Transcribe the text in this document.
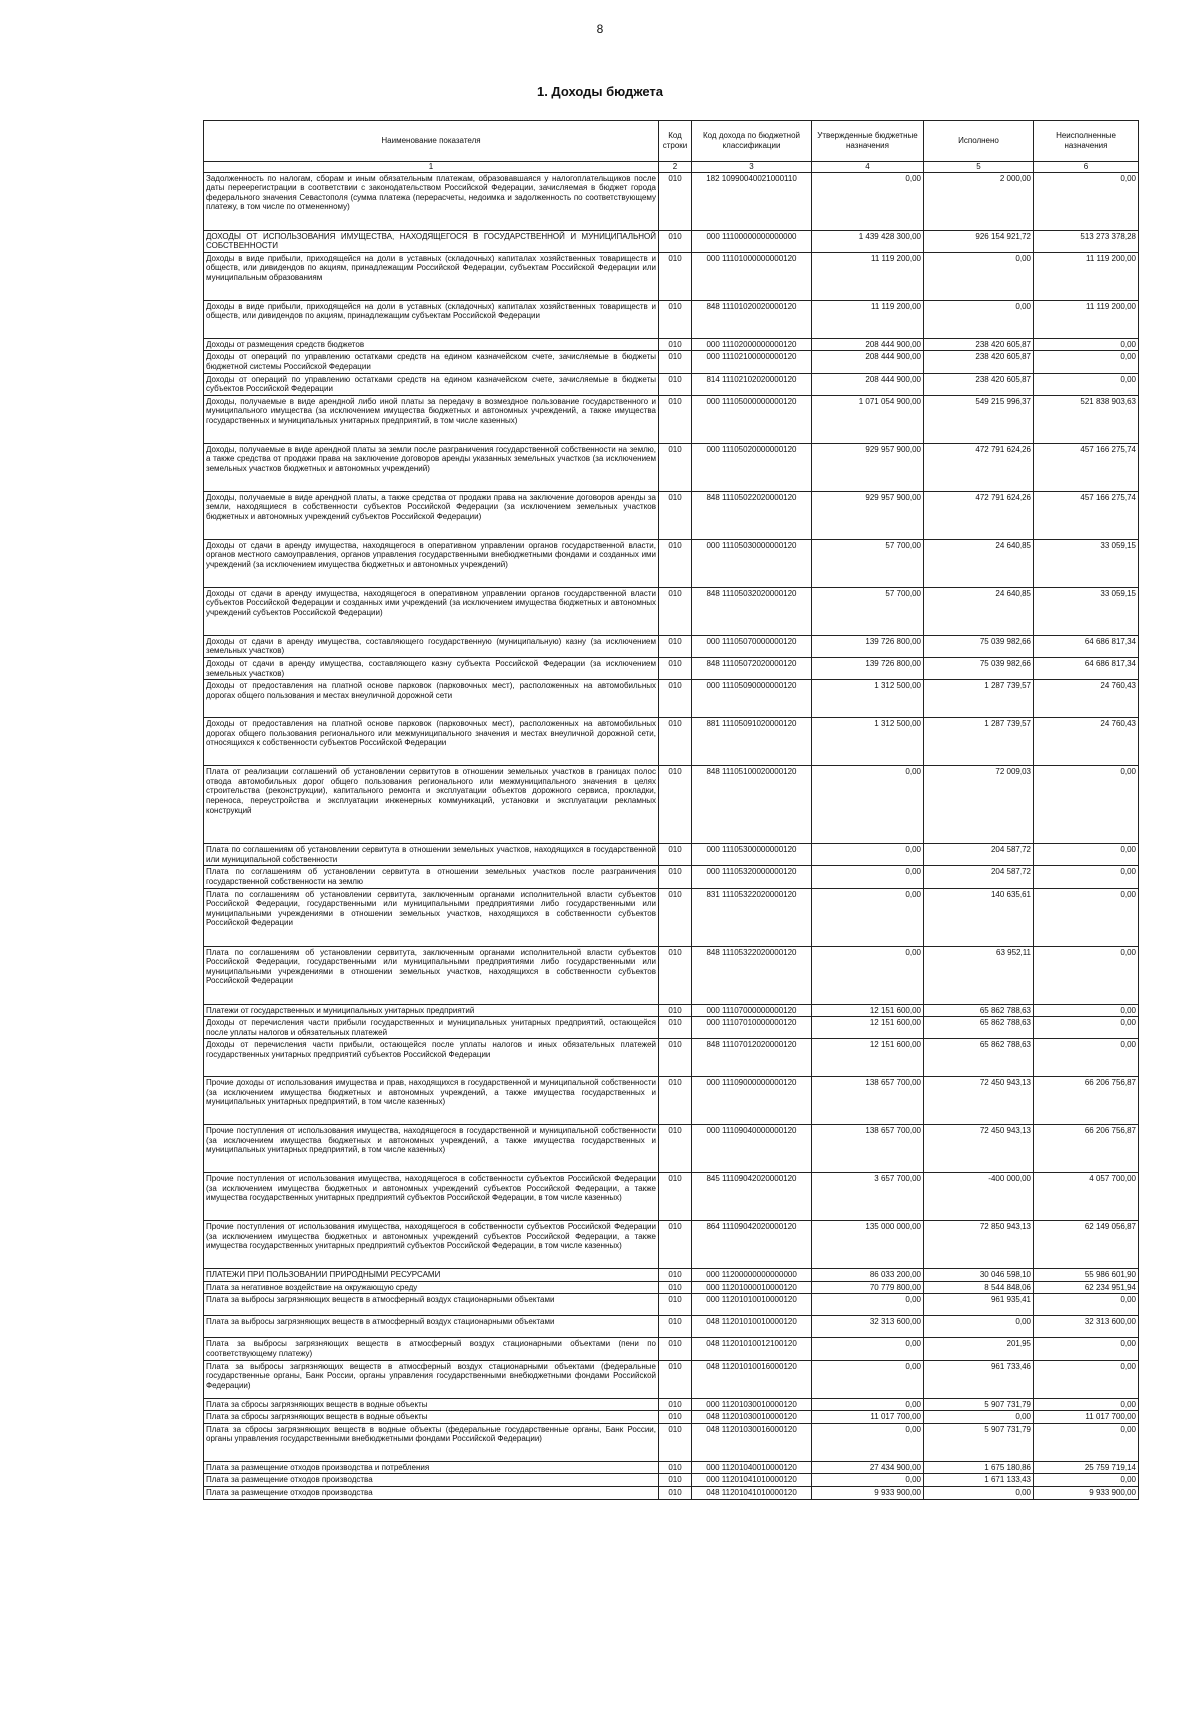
8
1. Доходы бюджета
Наименование показателя	Код строки	Код дохода по бюджетной классификации	Утвержденные бюджетные назначения	Исполнено	Неисполненные назначения
1	2	3	4	5	6
Задолженность по налогам, сборам и иным обязательным платежам, образовавшаяся у налогоплательщиков после даты переерегистрации в соответствии с законодательством Российской Федерации, зачисляемая в бюджет города федерального значения Севастополя (сумма платежа (перерасчеты, недоимка и задолженность по соответствующему платежу, в том числе по отмененному)	010	182 10990040021000110	0,00	2 000,00	0,00
ДОХОДЫ ОТ ИСПОЛЬЗОВАНИЯ ИМУЩЕСТВА, НАХОДЯЩЕГОСЯ В ГОСУДАРСТВЕННОЙ И МУНИЦИПАЛЬНОЙ СОБСТВЕННОСТИ	010	000 11100000000000000	1 439 428 300,00	926 154 921,72	513 273 378,28
Доходы в виде прибыли, приходящейся на доли в уставных (складочных) капиталах хозяйственных товариществ и обществ, или дивидендов по акциям, принадлежащим Российской Федерации, субъектам Российской Федерации или муниципальным образованиям	010	000 11101000000000120	11 119 200,00	0,00	11 119 200,00
Доходы в виде прибыли, приходящейся на доли в уставных (складочных) капиталах хозяйственных товариществ и обществ, или дивидендов по акциям, принадлежащим субъектам Российской Федерации	010	848 11101020020000120	11 119 200,00	0,00	11 119 200,00
Доходы от размещения средств бюджетов	010	000 11102000000000120	208 444 900,00	238 420 605,87	0,00
Доходы от операций по управлению остатками средств на едином казначейском счете, зачисляемые в бюджеты бюджетной системы Российской Федерации	010	000 11102100000000120	208 444 900,00	238 420 605,87	0,00
Доходы от операций по управлению остатками средств на едином казначейском счете, зачисляемые в бюджеты субъектов Российской Федерации	010	814 11102102020000120	208 444 900,00	238 420 605,87	0,00
Доходы, получаемые в виде арендной либо иной платы за передачу в возмездное пользование государственного и муниципального имущества (за исключением имущества бюджетных и автономных учреждений, а также имущества государственных и муниципальных унитарных предприятий, в том числе казенных)	010	000 11105000000000120	1 071 054 900,00	549 215 996,37	521 838 903,63
Доходы, получаемые в виде арендной платы за земли после разграничения государственной собственности на землю, а также средства от продажи права на заключение договоров аренды указанных земельных участков (за исключением земельных участков бюджетных и автономных учреждений)	010	000 11105020000000120	929 957 900,00	472 791 624,26	457 166 275,74
Доходы, получаемые в виде арендной платы, а также средства от продажи права на заключение договоров аренды за земли, находящиеся в собственности субъектов Российской Федерации (за исключением земельных участков бюджетных и автономных учреждений субъектов Российской Федерации)	010	848 11105022020000120	929 957 900,00	472 791 624,26	457 166 275,74
Доходы от сдачи в аренду имущества, находящегося в оперативном управлении органов государственной власти, органов местного самоуправления, органов управления государственными внебюджетными фондами и созданных ими учреждений (за исключением имущества бюджетных и автономных учреждений)	010	000 11105030000000120	57 700,00	24 640,85	33 059,15
Доходы от сдачи в аренду имущества, находящегося в оперативном управлении органов государственной власти субъектов Российской Федерации и созданных ими учреждений (за исключением имущества бюджетных и автономных учреждений субъектов Российской Федерации)	010	848 11105032020000120	57 700,00	24 640,85	33 059,15
Доходы от сдачи в аренду имущества, составляющего государственную (муниципальную) казну (за исключением земельных участков)	010	000 11105070000000120	139 726 800,00	75 039 982,66	64 686 817,34
Доходы от сдачи в аренду имущества, составляющего казну субъекта Российской Федерации (за исключением земельных участков)	010	848 11105072020000120	139 726 800,00	75 039 982,66	64 686 817,34
Доходы от предоставления на платной основе парковок (парковочных мест), расположенных на автомобильных дорогах общего пользования и местах внеуличной дорожной сети	010	000 11105090000000120	1 312 500,00	1 287 739,57	24 760,43
Доходы от предоставления на платной основе парковок (парковочных мест), расположенных на автомобильных дорогах общего пользования регионального или межмуниципального значения и местах внеуличной дорожной сети, относящихся к собственности субъектов Российской Федерации	010	881 11105091020000120	1 312 500,00	1 287 739,57	24 760,43
Плата от реализации соглашений об установлении сервитутов в отношении земельных участков в границах полос отвода автомобильных дорог общего пользования регионального или межмуниципального значения в целях строительства (реконструкции), капитального ремонта и эксплуатации объектов дорожного сервиса, прокладки, переноса, переустройства и эксплуатации инженерных коммуникаций, установки и эксплуатации рекламных конструкций	010	848 11105100020000120	0,00	72 009,03	0,00
Плата по соглашениям об установлении сервитута в отношении земельных участков, находящихся в государственной или муниципальной собственности	010	000 11105300000000120	0,00	204 587,72	0,00
Плата по соглашениям об установлении сервитута в отношении земельных участков после разграничения государственной собственности на землю	010	000 11105320000000120	0,00	204 587,72	0,00
Плата по соглашениям об установлении сервитута, заключенным органами исполнительной власти субъектов Российской Федерации, государственными или муниципальными предприятиями либо государственными или муниципальными учреждениями в отношении земельных участков, находящихся в собственности субъектов Российской Федерации	010	831 11105322020000120	0,00	140 635,61	0,00
Плата по соглашениям об установлении сервитута, заключенным органами исполнительной власти субъектов Российской Федерации, государственными или муниципальными предприятиями либо государственными или муниципальными учреждениями в отношении земельных участков, находящихся в собственности субъектов Российской Федерации	010	848 11105322020000120	0,00	63 952,11	0,00
Платежи от государственных и муниципальных унитарных предприятий	010	000 11107000000000120	12 151 600,00	65 862 788,63	0,00
Доходы от перечисления части прибыли государственных и муниципальных унитарных предприятий, остающейся после уплаты налогов и обязательных платежей	010	000 11107010000000120	12 151 600,00	65 862 788,63	0,00
Доходы от перечисления части прибыли, остающейся после уплаты налогов и иных обязательных платежей государственных унитарных предприятий субъектов Российской Федерации	010	848 11107012020000120	12 151 600,00	65 862 788,63	0,00
Прочие доходы от использования имущества и прав, находящихся в государственной и муниципальной собственности (за исключением имущества бюджетных и автономных учреждений, а также имущества государственных и муниципальных унитарных предприятий, в том числе казенных)	010	000 11109000000000120	138 657 700,00	72 450 943,13	66 206 756,87
Прочие поступления от использования имущества, находящегося в государственной и муниципальной собственности (за исключением имущества бюджетных и автономных учреждений, а также имущества государственных и муниципальных унитарных предприятий, в том числе казенных)	010	000 11109040000000120	138 657 700,00	72 450 943,13	66 206 756,87
Прочие поступления от использования имущества, находящегося в собственности субъектов Российской Федерации (за исключением имущества бюджетных и автономных учреждений субъектов Российской Федерации, а также имущества государственных унитарных предприятий субъектов Российской Федерации, в том числе казенных)	010	845 11109042020000120	3 657 700,00	-400 000,00	4 057 700,00
Прочие поступления от использования имущества, находящегося в собственности субъектов Российской Федерации (за исключением имущества бюджетных и автономных учреждений субъектов Российской Федерации, а также имущества государственных унитарных предприятий субъектов Российской Федерации, в том числе казенных)	010	864 11109042020000120	135 000 000,00	72 850 943,13	62 149 056,87
ПЛАТЕЖИ ПРИ ПОЛЬЗОВАНИИ ПРИРОДНЫМИ РЕСУРСАМИ	010	000 11200000000000000	86 033 200,00	30 046 598,10	55 986 601,90
Плата за негативное воздействие на окружающую среду	010	000 11201000010000120	70 779 800,00	8 544 848,06	62 234 951,94
Плата за выбросы загрязняющих веществ в атмосферный воздух стационарными объектами	010	000 11201010010000120	0,00	961 935,41	0,00
Плата за выбросы загрязняющих веществ в атмосферный воздух стационарными объектами	010	048 11201010010000120	32 313 600,00	0,00	32 313 600,00
Плата за выбросы загрязняющих веществ в атмосферный воздух стационарными объектами (пени по соответствующему платежу)	010	048 11201010012100120	0,00	201,95	0,00
Плата за выбросы загрязняющих веществ в атмосферный воздух стационарными объектами (федеральные государственные органы, Банк России, органы управления государственными внебюджетными фондами Российской Федерации)	010	048 11201010016000120	0,00	961 733,46	0,00
Плата за сбросы загрязняющих веществ в водные объекты	010	000 11201030010000120	0,00	5 907 731,79	0,00
Плата за сбросы загрязняющих веществ в водные объекты	010	048 11201030010000120	11 017 700,00	0,00	11 017 700,00
Плата за сбросы загрязняющих веществ в водные объекты (федеральные государственные органы, Банк России, органы управления государственными внебюджетными фондами Российской Федерации)	010	048 11201030016000120	0,00	5 907 731,79	0,00
Плата за размещение отходов производства и потребления	010	000 11201040010000120	27 434 900,00	1 675 180,86	25 759 719,14
Плата за размещение отходов производства	010	000 11201041010000120	0,00	1 671 133,43	0,00
Плата за размещение отходов производства	010	048 11201041010000120	9 933 900,00	0,00	9 933 900,00
